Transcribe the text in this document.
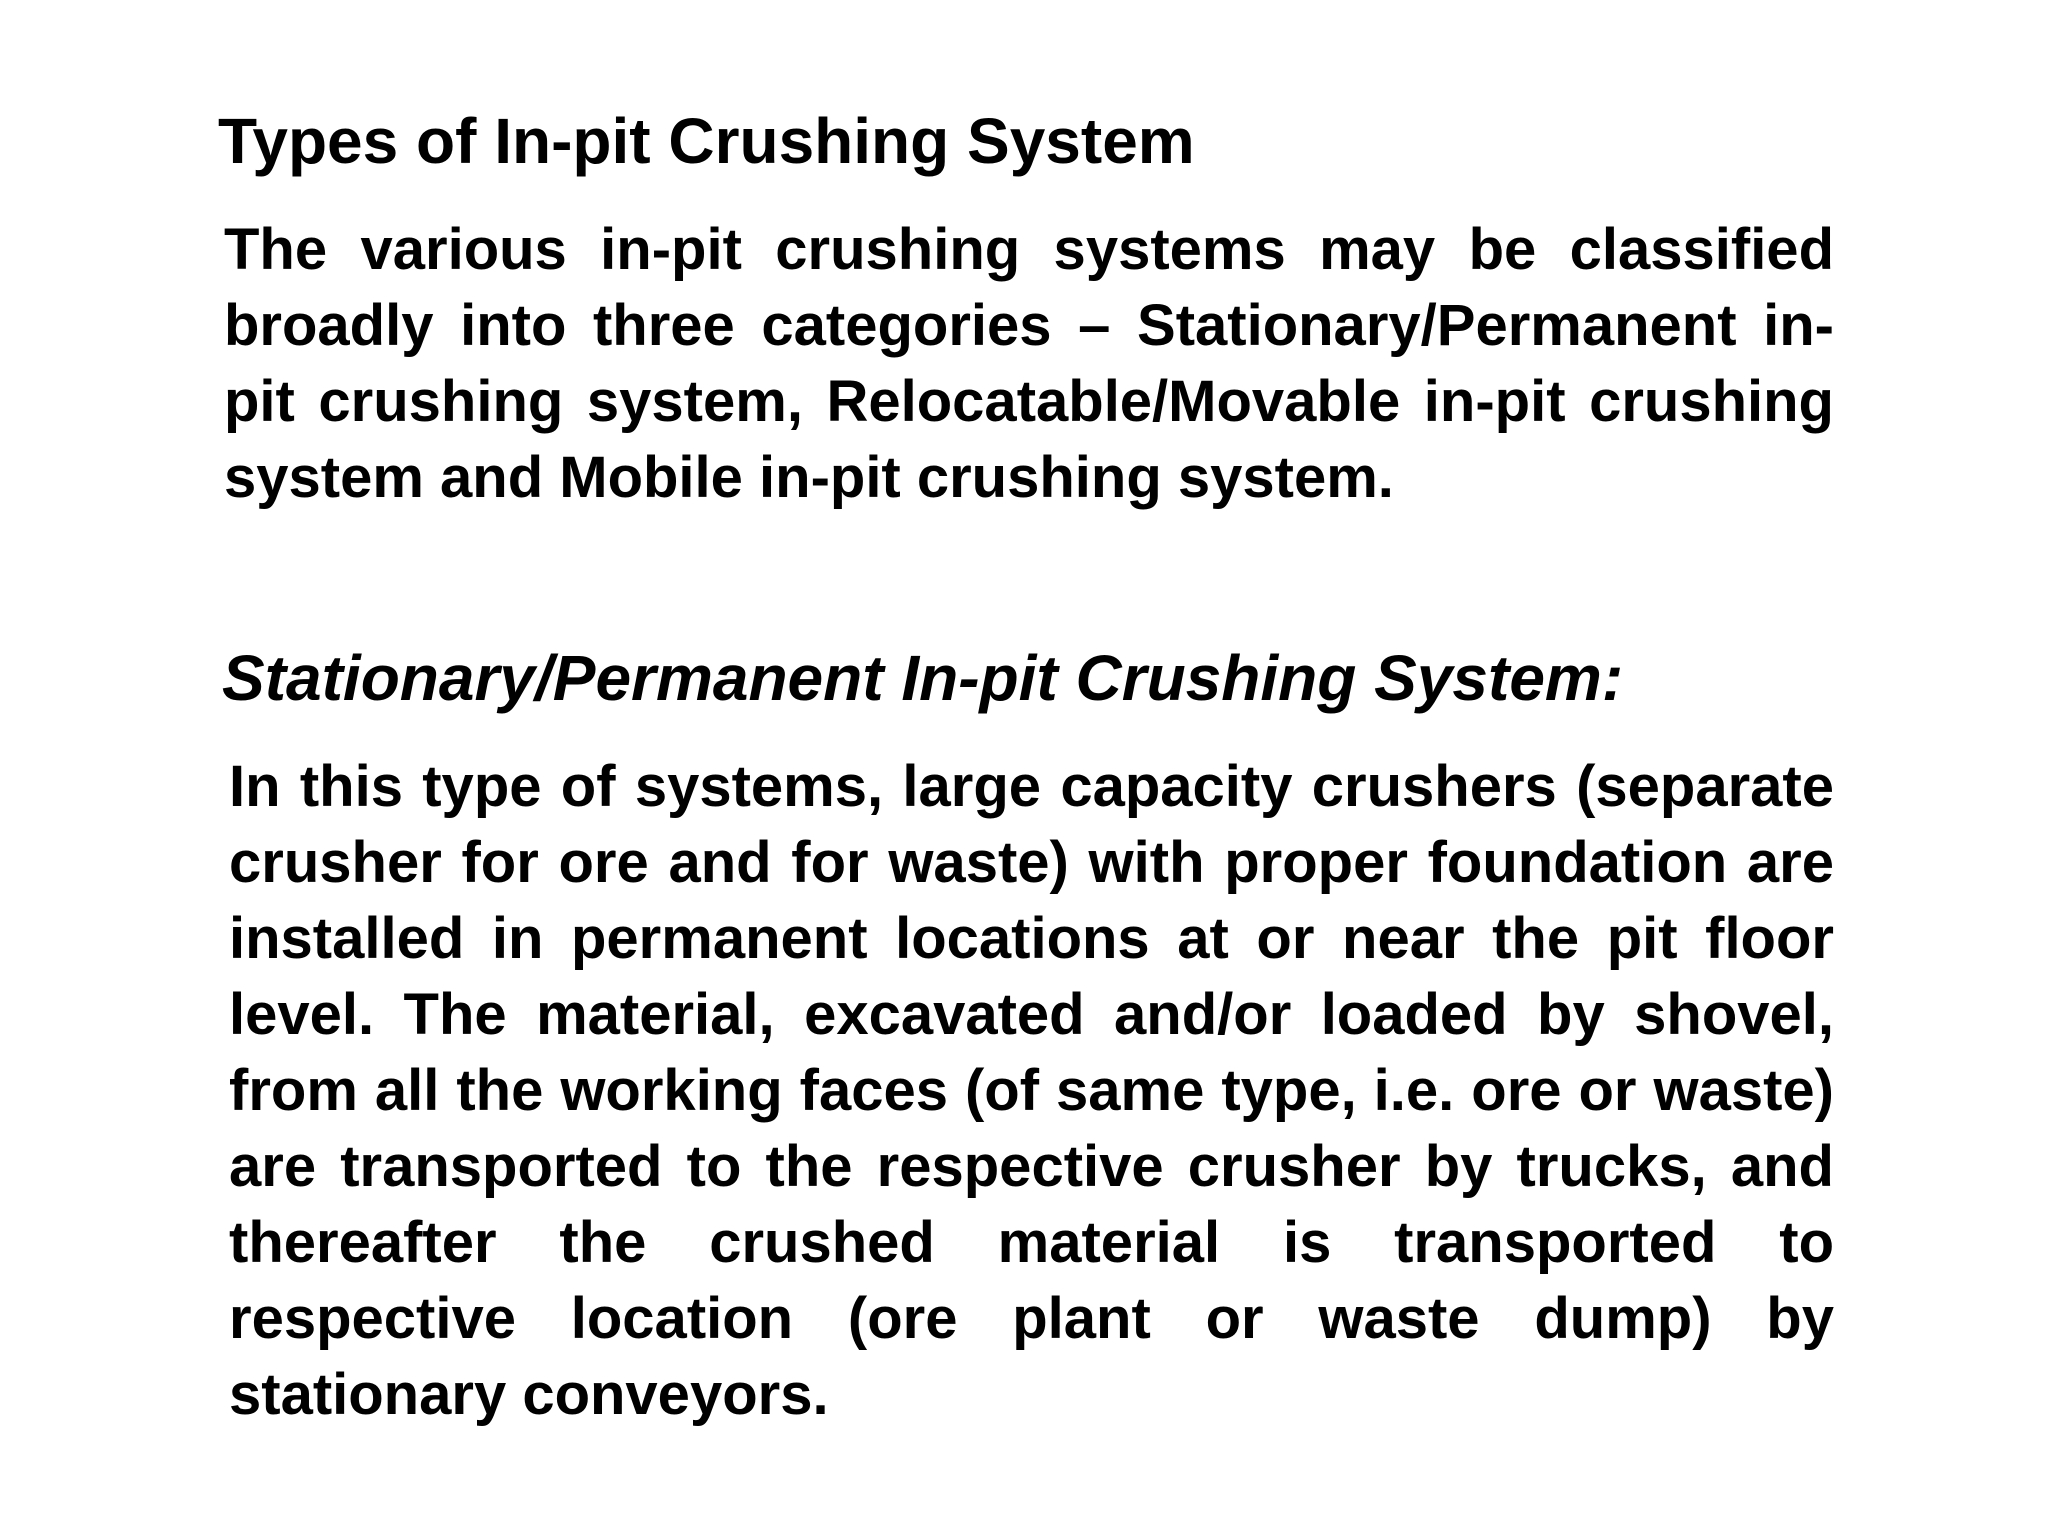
Types of In-pit Crushing System

The various in-pit crushing systems may be classified broadly into three categories – Stationary/Permanent in-pit crushing system, Relocatable/Movable in-pit crushing system and Mobile in-pit crushing system.

Stationary/Permanent In-pit Crushing System:

In this type of systems, large capacity crushers (separate crusher for ore and for waste) with proper foundation are installed in permanent locations at or near the pit floor level. The material, excavated and/or loaded by shovel, from all the working faces (of same type, i.e. ore or waste) are transported to the respective crusher by trucks, and thereafter the crushed material is transported to respective location (ore plant or waste dump) by stationary conveyors.
